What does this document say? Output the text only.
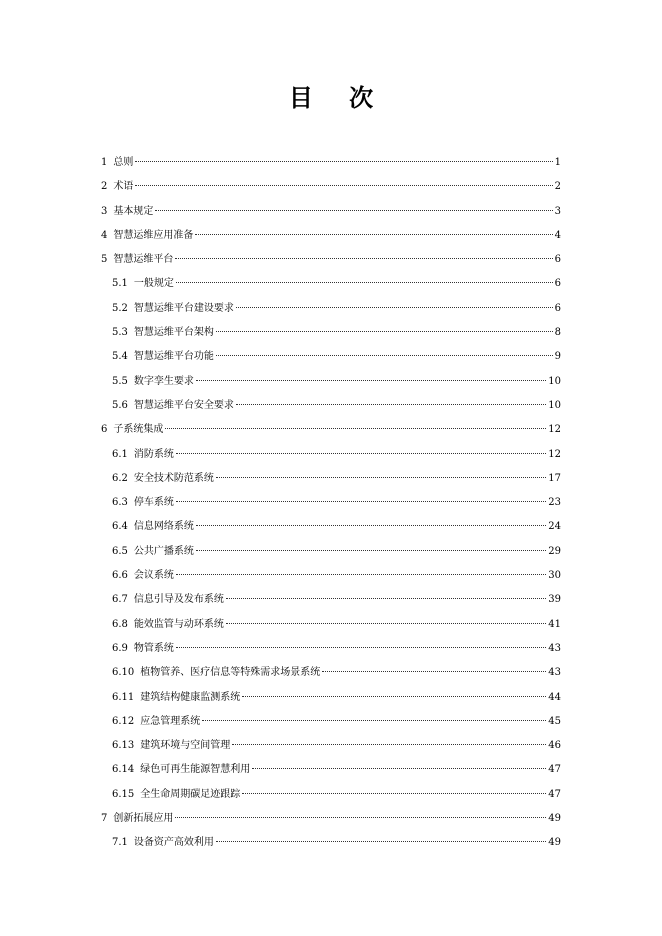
目 次
1 总则	1
2 术语	2
3 基本规定	3
4 智慧运维应用准备	4
5 智慧运维平台	6
5.1 一般规定	6
5.2 智慧运维平台建设要求	6
5.3 智慧运维平台架构	8
5.4 智慧运维平台功能	9
5.5 数字孪生要求	10
5.6 智慧运维平台安全要求	10
6 子系统集成	12
6.1 消防系统	12
6.2 安全技术防范系统	17
6.3 停车系统	23
6.4 信息网络系统	24
6.5 公共广播系统	29
6.6 会议系统	30
6.7 信息引导及发布系统	39
6.8 能效监管与动环系统	41
6.9 物管系统	43
6.10 植物管养、医疗信息等特殊需求场景系统	43
6.11 建筑结构健康监测系统	44
6.12 应急管理系统	45
6.13 建筑环境与空间管理	46
6.14 绿色可再生能源智慧利用	47
6.15 全生命周期碳足迹跟踪	47
7 创新拓展应用	49
7.1 设备资产高效利用	49
